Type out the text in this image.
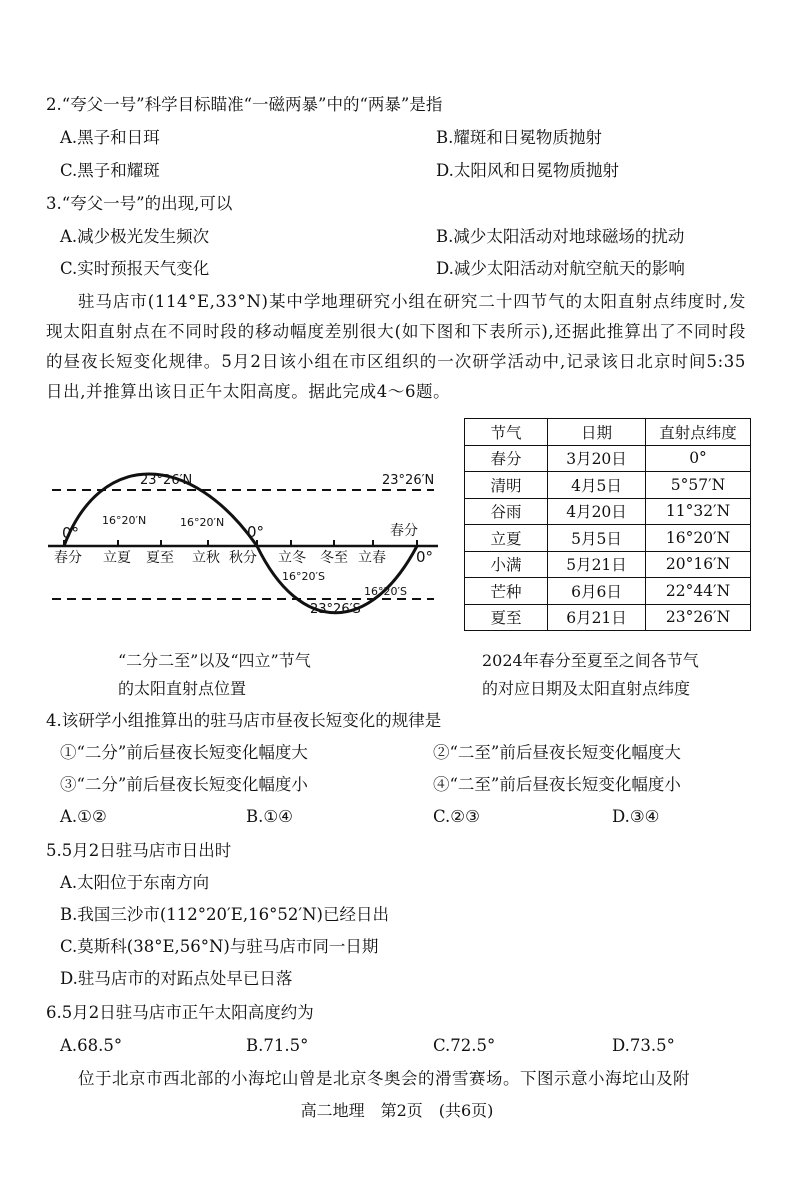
2.“夸父一号”科学目标瞄准“一磁两暴”中的“两暴”是指
A.黑子和日珥	B.耀斑和日冕物质抛射
C.黑子和耀斑	D.太阳风和日冕物质抛射
3.“夸父一号”的出现,可以
A.减少极光发生频次	B.减少太阳活动对地球磁场的扰动
C.实时预报天气变化	D.减少太阳活动对航空航天的影响
驻马店市(114°E,33°N)某中学地理研究小组在研究二十四节气的太阳直射点纬度时,发现太阳直射点在不同时段的移动幅度差别很大(如下图和下表所示),还据此推算出了不同时段的昼夜长短变化规律。5月2日该小组在市区组织的一次研学活动中,记录该日北京时间5:35日出,并推算出该日正午太阳高度。据此完成4～6题。
23°26′N	23°26′N
23°26′S
0°	0°
0°
16°20′N	16°20′N
16°20′S
16°20′S
春分
春分 立夏 夏至 立秋 秋分 立冬 冬至 立春
“二分二至”以及“四立”节气
的太阳直射点位置
节气	日期	直射点纬度
春分	3月20日	0°
清明	4月5日	5°57′N
谷雨	4月20日	11°32′N
立夏	5月5日	16°20′N
小满	5月21日	20°16′N
芒种	6月6日	22°44′N
夏至	6月21日	23°26′N
2024年春分至夏至之间各节气
的对应日期及太阳直射点纬度
4.该研学小组推算出的驻马店市昼夜长短变化的规律是
①“二分”前后昼夜长短变化幅度大	②“二至”前后昼夜长短变化幅度大
③“二分”前后昼夜长短变化幅度小	④“二至”前后昼夜长短变化幅度小
A.①②	B.①④	C.②③	D.③④
5.5月2日驻马店市日出时
A.太阳位于东南方向
B.我国三沙市(112°20′E,16°52′N)已经日出
C.莫斯科(38°E,56°N)与驻马店市同一日期
D.驻马店市的对跖点处早已日落
6.5月2日驻马店市正午太阳高度约为
A.68.5°	B.71.5°	C.72.5°	D.73.5°
位于北京市西北部的小海坨山曾是北京冬奥会的滑雪赛场。下图示意小海坨山及附
高二地理　第2页　(共6页)
